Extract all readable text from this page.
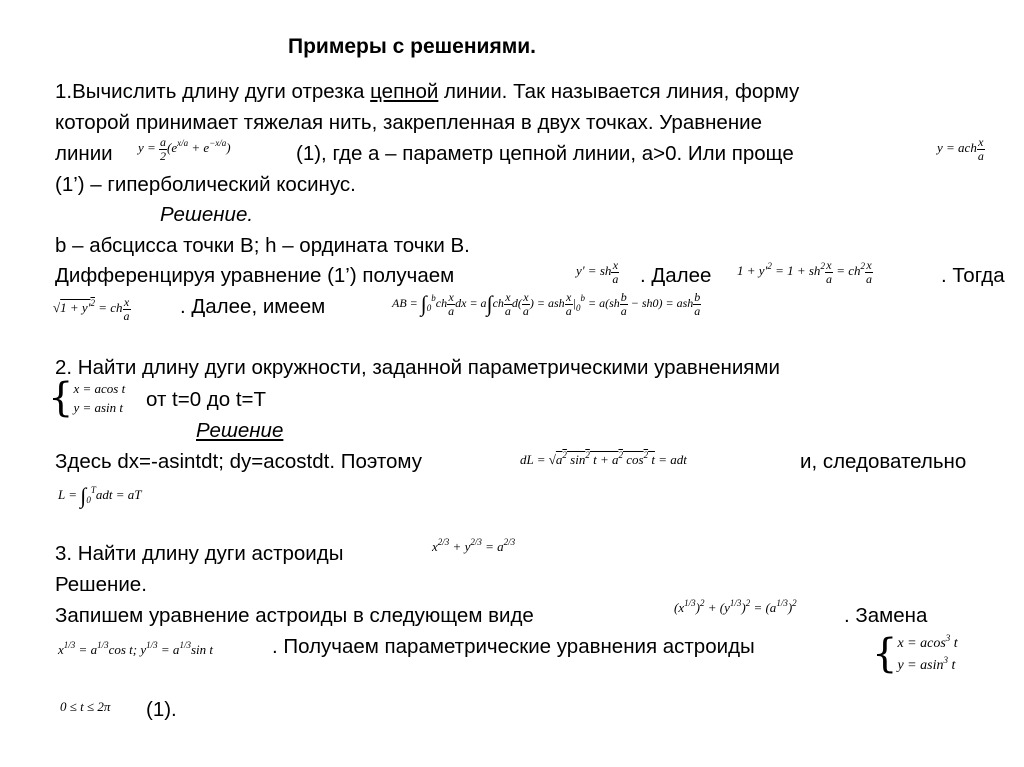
Примеры с решениями.
1.Вычислить длину дуги отрезка цепной линии. Так называется линия, форму
которой принимает тяжелая нить, закрепленная в двух точках. Уравнение
линии $y = \frac{a}{2} (e^{x/a} + e^{-x/a})$	(1), где а – параметр цепной линии, а>0. Или проще	y = ach $\frac{x}{a}$
(1’) – гиперболический косинус.
Решение.
b – абсцисса точки B; h – ордината точки B.
Дифференцируя уравнение (1’) получаем	y' = sh $\frac{x}{a}$ . Далее $1 + y'^2 = 1 + sh^2 \frac{x}{a} = ch^2 \frac{x}{a}$	. Тогда
$√1 + y'^2$ = ch $\frac{x}{a}$ . Далее, имеем	AB = $\int_0^bch \frac{x}{a}$ dx = $a\int ch \frac{x}{a} d( \frac{x}{a}$ ) = ash $\frac{x}{a} |_0^b = a(sh \frac{b}{a} - sh0)$ = ash $\frac{b}{a}$
2. Найти длину дуги окружности, заданной параметрическими уравнениями
{x = acos t
y = asin t от t=0 до t=T
Решение
Здесь dx=-asintdt; dy=acostdt. Поэтому	dL = $√a^2$ $\sin^2 t + a^2$ $\cos^2 t$ = adt	и, следовательно
$L = \int_0^Tadt$ = aT
3. Найти длину дуги астроиды	$x^{2/3} + y^{2/3} = a^{2/3}$
Решение.
Запишем уравнение астроиды в следующем виде	$(x^{1/3})^2 + (y^{1/3})^2 = (a^{1/3})^2$
. Замена
$x^{1/3} = a^{1/3}\cos$ t; $y^{1/3} = a^{1/3}\sin$ t	. Получаем параметрические уравнения астроиды	{x = acos$^3$ t
y = asin$^3$ t
0 ≤ t ≤ 2π (1).
